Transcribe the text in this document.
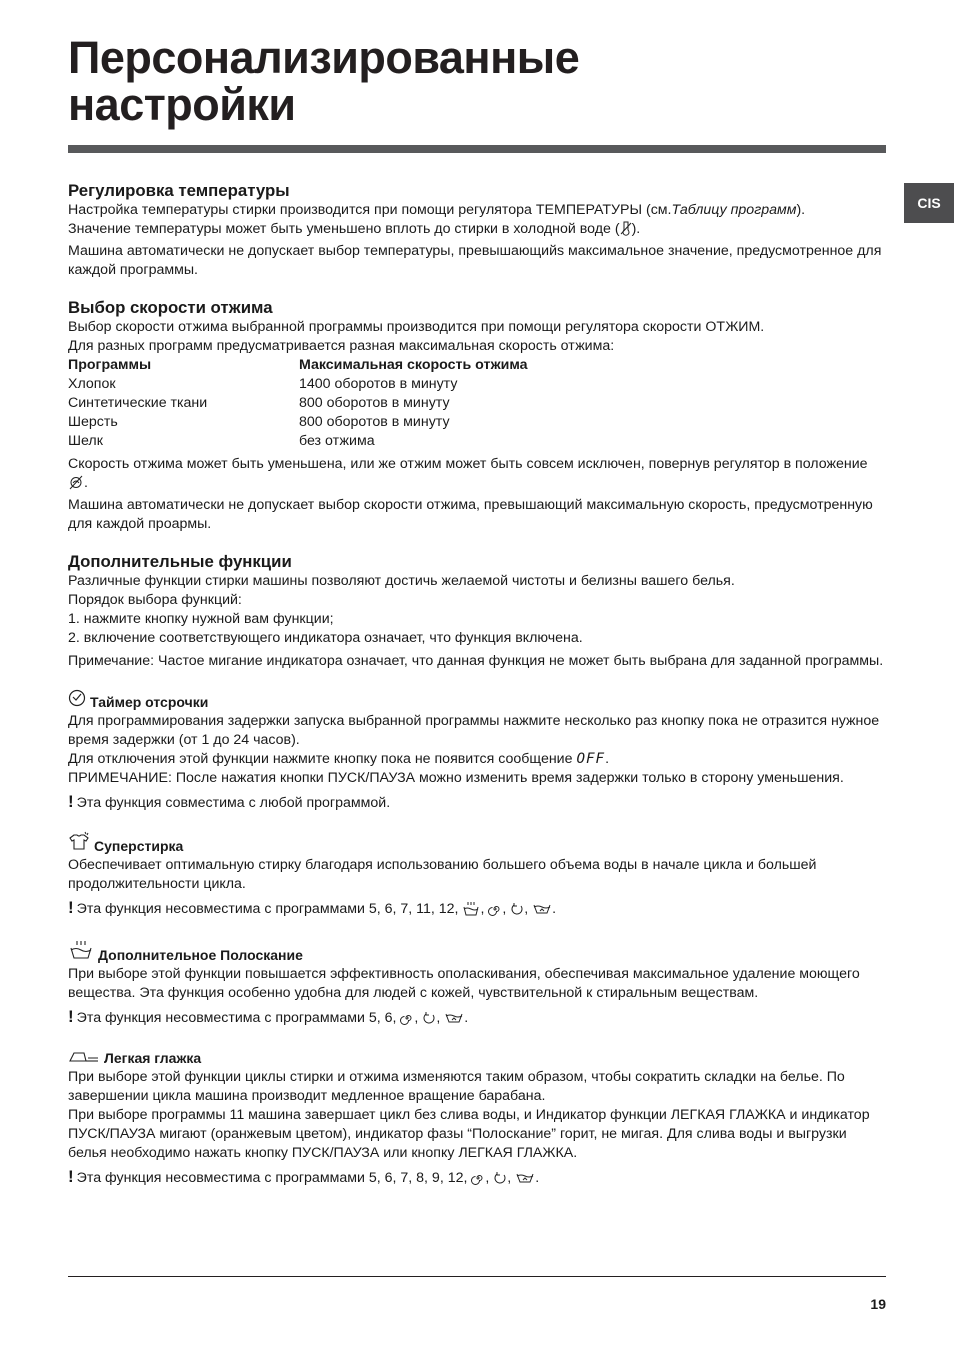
Персонализированные
настройки
CIS
Регулировка температуры

Настройка температуры стирки производится при помощи регулятора ТЕМПЕРАТУРЫ (см.Таблицу программ).

Значение температуры может быть уменьшено вплоть до стирки в холодной воде ( ).

Машина автоматически не допускает выбор температуры, превышающийs максимальное значение, предусмотренное для каждой программы.

Выбор скорости отжима

Выбор скорости отжима выбранной программы производится при помощи регулятора скорости ОТЖИМ.

Для разных программ предусматривается разная максимальная скорость отжима:

Программы	Максимальная скорость отжима
Хлопок	1400 оборотов в минуту
Синтетические ткани	800 оборотов в минуту
Шерсть	800 оборотов в минуту
Шелк	без отжима

Скорость отжима может быть уменьшена, или же отжим может быть совсем исключен, повернув регулятор в положение .

Машина автоматически не допускает выбор скорости отжима, превышающий максимальную скорость, предусмотренную для каждой проармы.

Дополнительные функции

Различные функции стирки машины позволяют достичь желаемой чистоты и белизны вашего белья.

Порядок выбора функций:

1. нажмите кнопку нужной вам функции;

2. включение соответствующего индикатора означает, что функция включена.

Примечание: Частое мигание индикатора означает, что данная функция не может быть выбрана для заданной программы.

Таймер отсрочки

Для программирования задержки запуска выбранной программы нажмите несколько раз кнопку пока не отразится нужное время задержки (от 1 до 24 часов).

Для отключения этой функции нажмите кнопку пока не появится сообщение OFF.

ПРИМЕЧАНИЕ: После нажатия кнопки ПУСК/ПАУЗА можно изменить время задержки только в сторону уменьшения.

! Эта функция совместима с любой программой.

Суперстирка

Обеспечивает оптимальную стирку благодаря использованию большего объема воды в начале цикла и большей продолжительности цикла.

! Эта функция несовместима с программами 5, 6, 7, 11, 12, , , , .

Дополнительное Полоскание

При выборе этой функции повышается эффективность ополаскивания, обеспечивая максимальное удаление моющего вещества. Эта функция особенно удобна для людей с кожей, чувствительной к стиральным веществам.

! Эта функция несовместима с программами 5, 6, , , .

Легкая глажка

При выборе этой функции циклы стирки и отжима изменяются таким образом, чтобы сократить складки на белье. По завершении цикла машина производит медленное вращение барабана.

При выборе программы 11 машина завершает цикл без слива воды, и Индикатор функции ЛЕГКАЯ ГЛАЖКА и индикатор ПУСК/ПАУЗА мигают (оранжевым цветом), индикатор фазы “Полоскание” горит, не мигая. Для слива воды и выгрузки белья необходимо нажать кнопку ПУСК/ПАУЗА или кнопку ЛЕГКАЯ ГЛАЖКА.

! Эта функция несовместима с программами 5, 6, 7, 8, 9, 12, , , .

19
